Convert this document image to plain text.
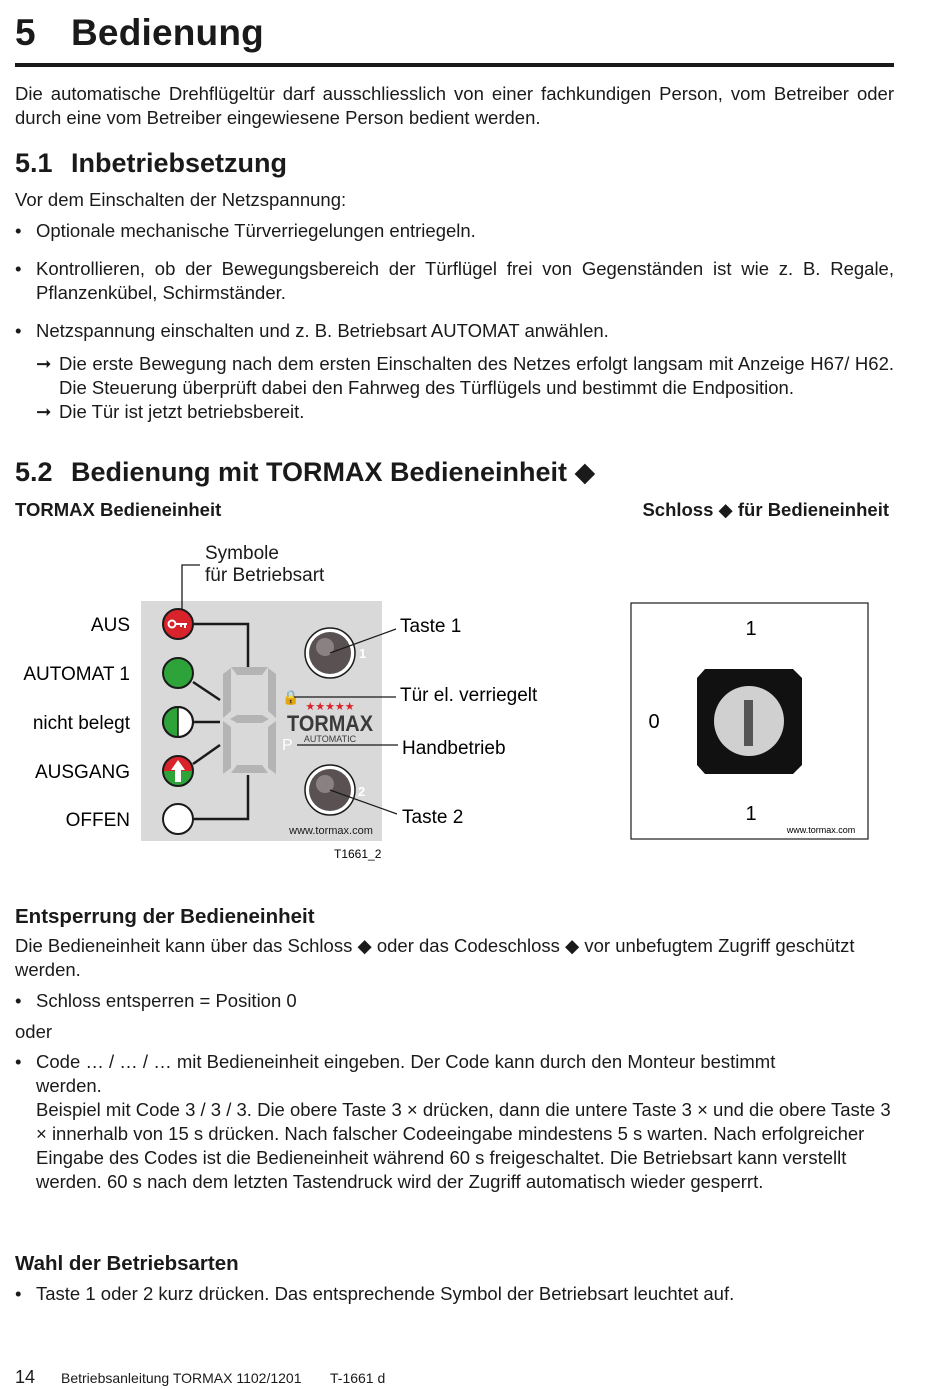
5 Bedienung
Die automatische Drehflügeltür darf ausschliesslich von einer fachkundigen Person, vom Betreiber oder durch eine vom Betreiber eingewiesene Person bedient werden.
5.1 Inbetriebsetzung
Vor dem Einschalten der Netzspannung:
• Optionale mechanische Türverriegelungen entriegeln.
• Kontrollieren, ob der Bewegungsbereich der Türflügel frei von Gegenständen ist wie z. B. Regale, Pflanzenkübel, Schirmständer.
• Netzspannung einschalten und z. B. Betriebsart AUTOMAT anwählen.
➞ Die erste Bewegung nach dem ersten Einschalten des Netzes erfolgt langsam mit Anzeige H67/ H62. Die Steuerung überprüft dabei den Fahrweg des Türflügels und bestimmt die Endposition.
➞ Die Tür ist jetzt betriebsbereit.
5.2 Bedienung mit TORMAX Bedieneinheit ◆
TORMAX Bedieneinheit	Schloss ◆ für Bedieneinheit
Symbole
für Betriebsart
AUS
AUTOMAT 1
nicht belegt
AUSGANG
OFFEN
🔒
P
1
2
★★★★★
TORMAX
AUTOMATIC
www.tormax.com
Taste 1
Tür el. verriegelt
Handbetrieb
Taste 2
T1661_2
1
0
1
www.tormax.com
Entsperrung der Bedieneinheit
Die Bedieneinheit kann über das Schloss ◆ oder das Codeschloss ◆ vor unbefugtem Zugriff geschützt werden.
• Schloss entsperren = Position 0
oder
• Code … / … / … mit Bedieneinheit eingeben. Der Code kann durch den Monteur bestimmt werden.
Beispiel mit Code 3 / 3 / 3. Die obere Taste 3 × drücken, dann die untere Taste 3 × und die obere Taste 3 × innerhalb von 15 s drücken. Nach falscher Codeeingabe mindestens 5 s warten. Nach erfolgreicher Eingabe des Codes ist die Bedieneinheit während 60 s freigeschaltet. Die Betriebsart kann verstellt werden. 60 s nach dem letzten Tastendruck wird der Zugriff automatisch wieder gesperrt.
Wahl der Betriebsarten
• Taste 1 oder 2 kurz drücken. Das entsprechende Symbol der Betriebsart leuchtet auf.
14 Betriebsanleitung TORMAX 1102/1201 T-1661 d
